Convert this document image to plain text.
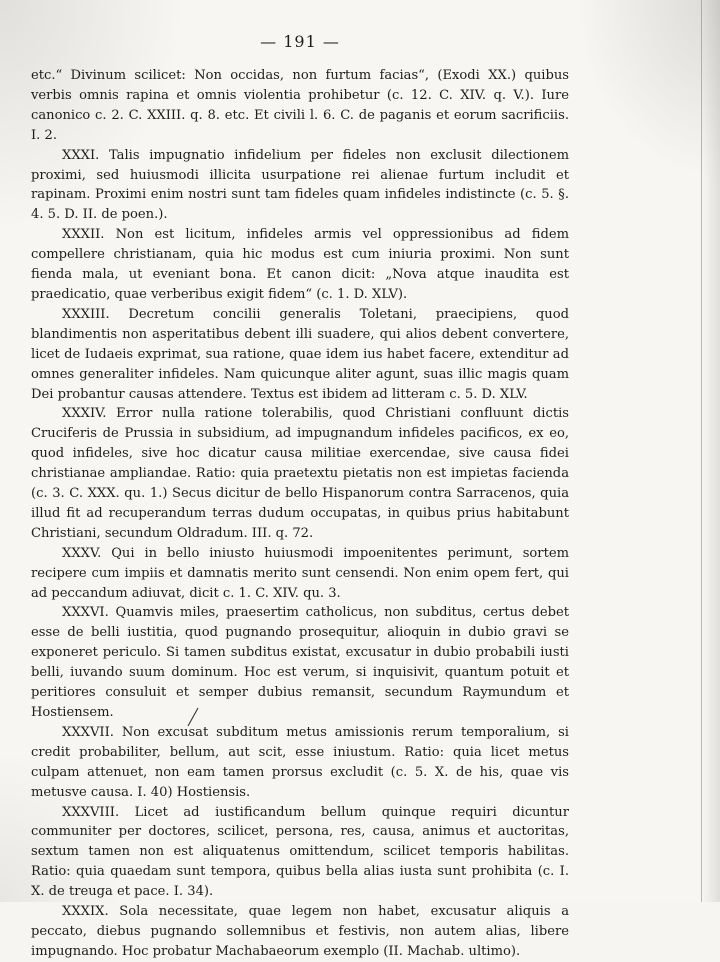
— 191 —

etc.“ Divinum scilicet: Non occidas, non furtum facias“, (Exodi XX.) quibus verbis omnis rapina et omnis violentia prohibetur (c. 12. C. XIV. q. V.). Iure canonico c. 2. C. XXIII. q. 8. etc. Et civili l. 6. C. de paganis et eorum sacrificiis. I. 2.

XXXI. Talis impugnatio infidelium per fideles non exclusit dilectionem proximi, sed huiusmodi illicita usurpatione rei alienae furtum includit et rapinam. Proximi enim nostri sunt tam fideles quam infideles indistincte (c. 5. §. 4. 5. D. II. de poen.).

XXXII. Non est licitum, infideles armis vel oppressionibus ad fidem compellere christianam, quia hic modus est cum iniuria proximi. Non sunt fienda mala, ut eveniant bona. Et canon dicit: „Nova atque inaudita est praedicatio, quae verberibus exigit fidem“ (c. 1. D. XLV).

XXXIII. Decretum concilii generalis Toletani, praecipiens, quod blandimentis non asperitatibus debent illi suadere, qui alios debent convertere, licet de Iudaeis exprimat, sua ratione, quae idem ius habet facere, extenditur ad omnes generaliter infideles. Nam quicunque aliter agunt, suas illic magis quam Dei probantur causas attendere. Textus est ibidem ad litteram c. 5. D. XLV.

XXXIV. Error nulla ratione tolerabilis, quod Christiani confluunt dictis Cruciferis de Prussia in subsidium, ad impugnandum infideles pacificos, ex eo, quod infideles, sive hoc dicatur causa militiae exercendae, sive causa fidei christianae ampliandae. Ratio: quia praetextu pietatis non est impietas facienda (c. 3. C. XXX. qu. 1.) Secus dicitur de bello Hispanorum contra Sarracenos, quia illud fit ad recuperandum terras dudum occupatas, in quibus prius habitabunt Christiani, secundum Oldradum. III. q. 72.

XXXV. Qui in bello iniusto huiusmodi impoenitentes perimunt, sortem recipere cum impiis et damnatis merito sunt censendi. Non enim opem fert, qui ad peccandum adiuvat, dicit c. 1. C. XIV. qu. 3.

XXXVI. Quamvis miles, praesertim catholicus, non subditus, certus debet esse de belli iustitia, quod pugnando prosequitur, alioquin in dubio gravi se exponeret periculo. Si tamen subditus existat, excusatur in dubio probabili iusti belli, iuvando suum dominum. Hoc est verum, si inquisivit, quantum potuit et peritiores consuluit et semper dubius remansit, secundum Raymundum et Hostiensem.

XXXVII. Non excusat subditum metus amissionis rerum temporalium, si credit probabiliter, bellum, aut scit, esse iniustum. Ratio: quia licet metus culpam attenuet, non eam tamen prorsus excludit (c. 5. X. de his, quae vis metusve causa. I. 40) Hostiensis.

XXXVIII. Licet ad iustificandum bellum quinque requiri dicuntur communiter per doctores, scilicet, persona, res, causa, animus et auctoritas, sextum tamen non est aliquatenus omittendum, scilicet temporis habilitas. Ratio: quia quaedam sunt tempora, quibus bella alias iusta sunt prohibita (c. I. X. de treuga et pace. I. 34).

XXXIX. Sola necessitate, quae legem non habet, excusatur aliquis a peccato, diebus pugnando sollemnibus et festivis, non autem alias, libere impugnando. Hoc probatur Machabaeorum exemplo (II. Machab. ultimo).
